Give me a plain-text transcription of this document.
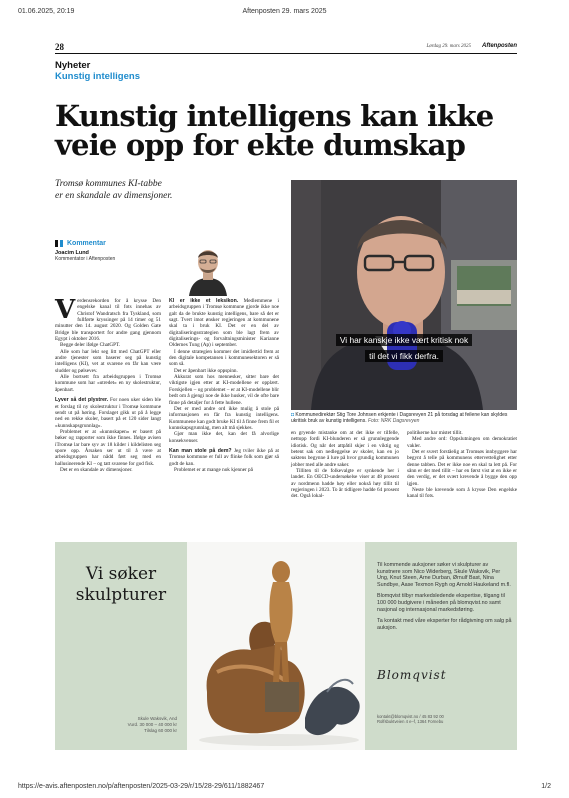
01.06.2025, 20:19	Aftenposten 29. mars 2025
28	Lørdag 29. mars 2025 Aftenposten
Nyheter
Kunstig intelligens
Kunstig intelligens kan ikke veie opp for ekte dumskap
Tromsø kommunes KI-tabbe
er en skandale av dimensjoner.
Kommentar
Joacim Lund
Kommentator i Aftenposten
Vi har kanskje ikke vært kritisk nok
til det vi fikk derfra.
◘ Kommunedirektør Stig Tore Johnsen erkjente i Dagsrevyen 21 på torsdag at feilene kan skyldes ukritisk bruk av kunstig intelligens. Foto: NRK Dagsrevyen

Verdensrekorden for å krysse Den engelske kanal til fots innehas av Christof Wandratsch fra Tyskland, som fullførte kryssinger på 14 timer og 51 minutter den 14. august 2020. Og Golden Gate Bridge ble transportert for andre gang gjennom Egypt i oktober 2016.

Begge deler ifølge ChatGPT.

Alle som har lekt seg litt med ChatGPT eller andre tjenester som baserer seg på kunstig intelligens (KI), vet at svarene en får kan være sludder og pølsevev.

Alle bortsett fra arbeidsgruppen i Tromsø kommune som har «utredet» en ny skolestruktur, åpenbart.

Lyver så det plystrer. For noen uker siden ble et forslag til ny skolestruktur i Tromsø kommune sendt ut på høring. Forslaget gikk ut på å legge ned en rekke skoler, basert på et 120 sider langt «kunnskapsgrunnlag».

Problemet er at «kunnskapen» er basert på bøker og rapporter som ikke finnes. Ifølge avisen iTromsø lar bare syv av 18 kilder i kildelisten seg spore opp. Årsaken ser ut til å være at arbeidsgruppen har nådd ført seg med en hallusinerende KI – og tatt svarene for god fisk.

Det er en skandale av dimensjoner.

KI er ikke et leksikon. Medlemmene i arbeidsgruppen i Tromsø kommune gjorde ikke noe galt da de brukte kunstig intelligens, bare så det er sagt. Tvert imot ønsker regjeringen at kommunene skal ta i bruk KI. Det er en del av digitaliseringsstrategien som ble lagt frem av digitaliserings- og forvaltningsminister Karianne Oldernes Tung (Ap) i september.

I denne strategien kommer det imidlertid frem at den digitale kompetansen i kommunesektoren er så som så.

Det er åpenbart ikke oppspinn.

Akkurat som hos mennesker, sitter bare det viktigste igjen etter at KI-modellene er opplært. Forskjellen – og problemet – er at KI-modellene blir bedt om å gjengi noe de ikke husker, vil de ofte bare finne på detaljer for å fette hullene.

Det er med andre ord ikke mulig å stole på informasjonen en får fra kunstig intelligens. Kommunene kan godt bruke KI til å finne frem fil et kunnskapsgrunnlag, men alt må sjekkes.

Gjør man ikke det, kan det få alvorlige konsekvenser.

Kan man stole på dem? Jeg tviler ikke på at Tromsø kommune er full av flinke folk som gjør så godt de kan.

Problemet er at mange nok kjenner på

en gryende mistanke om at det ikke er tilfelle, nettopp fordi KI-blunderen er så grunnleggende idiotisk. Og når det attpåtil skjer i en viktig og betent sak om nedleggelse av skoler, kan en jo saktens begynne å lure på hvor grundig kommunen jobber med alle andre saker.

Tilliten til de folkevalgte er synkende her i landet. En OECD-undersøkelse viser at 48 prosent av nordmenn hadde høy eller nokså høy tillit til regjeringen i 2023. To år tidligere hadde 64 prosent det. Også lokal-

politikerne har mistet tillit.

Med andre ord: Oppslutningen om demokratiet vakler.

Det er svært forståelig at Tromsøs innbyggere har begynt å telle på kommunens ettervettelighet etter denne tabben. Det er ikke noe en skal ta lett på. For sånn er det med tillit – har en først vist at en ikke er den verdig, er det svært krevende å bygge den opp igjen.

Neste ble krevende som å krysse Den engelske kanal til fots.

Vi søker
skulpturer
Skule Waksvik, And
Vurd. 30 000 – 40 000 kr
Tilslag 60 000 kr

Til kommende auksjoner søker vi skulpturer av kunstnere som Nico Widerberg, Skule Waksvik, Per Ung, Knut Steen, Arne Durban, Ørnulf Bast, Nina Sundbye, Aase Texmon Rygh og Arnold Haukeland m.fl.

Blomqvist tilbyr markedsledende ekspertise, tilgang til 100 000 budgivere i måneden på blomqvist.no samt nasjonal og internasjonal markedsføring.

Ta kontakt med våre eksperter for rådgivning om salg på auksjon.

Blomqvist
kontakt@blomqvist.no / 45 83 92 00
Rolfsbuktveien 4 e–f, 1364 Fornebu
https://e-avis.aftenposten.no/p/aftenposten/2025-03-29/r/15/28-29/611/1882467	1/2
